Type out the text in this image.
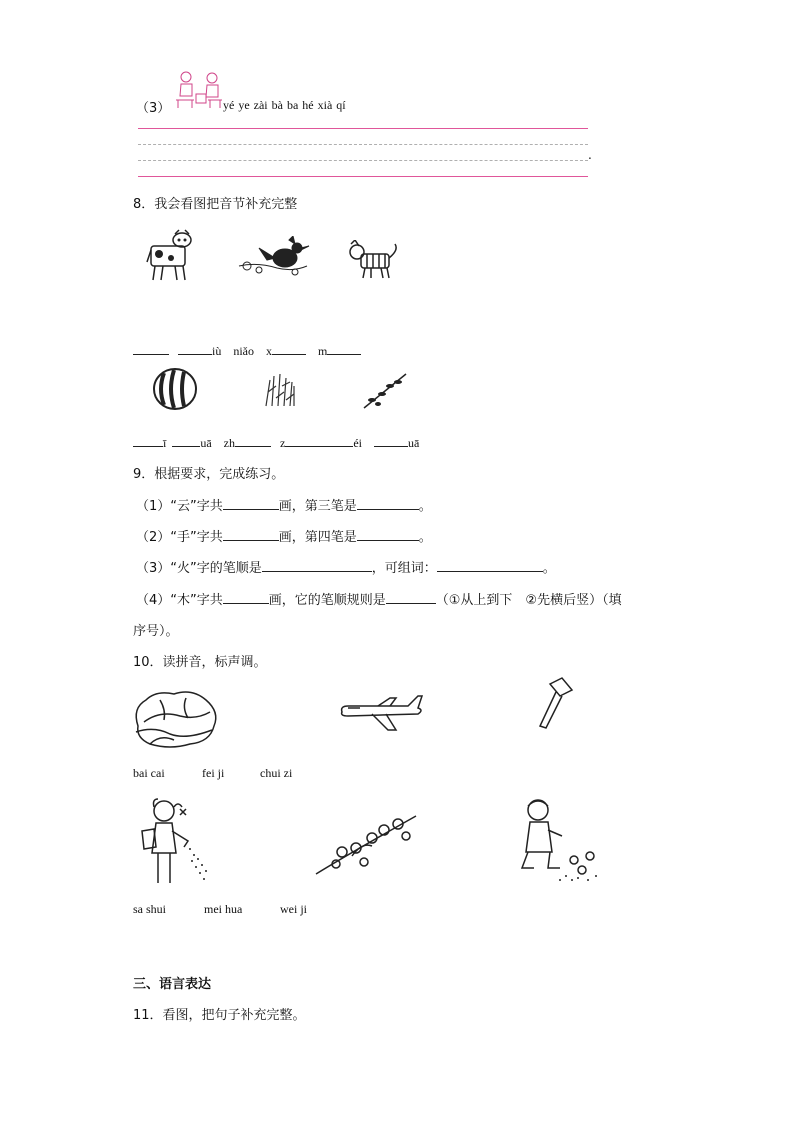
（3）	yé ye zài bà ba hé xià qí
.
8．我会看图把音节补充完整
iù niǎo x	m
ī	uā zh	z	éi	uā
9．根据要求，完成练习。
（1）“云”字共	画，第三笔是	。
（2）“手”字共	画，第四笔是	。
（3）“火”字的笔顺是	，可组词：	。
（4）“木”字共	画，它的笔顺规则是	（①从上到下　②先横后竖）（填
序号）。
10．读拼音，标声调。
bai cai	fei ji	chui zi
sa shui	mei hua	wei ji
三、语言表达
11．看图，把句子补充完整。
